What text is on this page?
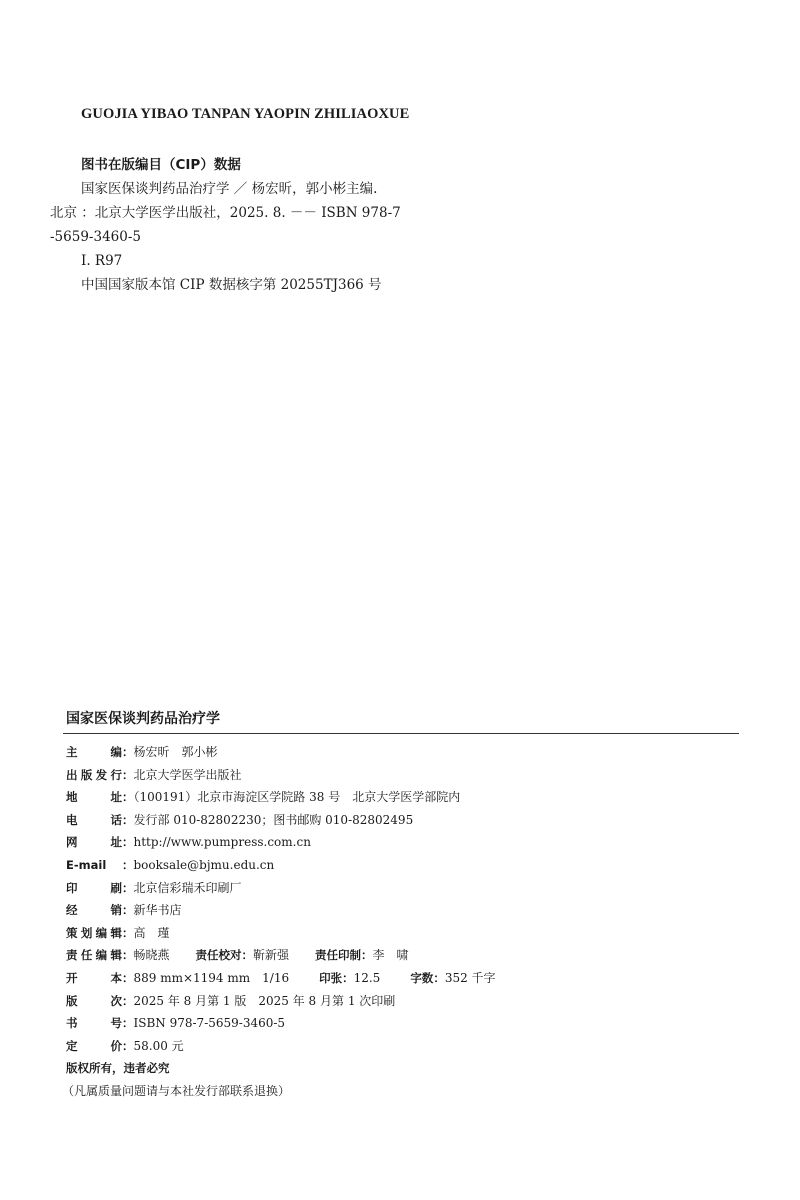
GUOJIA YIBAO TANPAN YAOPIN ZHILIAOXUE
图书在版编目（CIP）数据
国家医保谈判药品治疗学 ／ 杨宏昕，郭小彬主编.
北京 ：北京大学医学出版社，2025. 8. －－ ISBN 978-7
-5659-3460-5
Ⅰ. R97
中国国家版本馆 CIP 数据核字第 20255TJ366 号
国家医保谈判药品治疗学
主 编：杨宏昕　郭小彬
出版发行：北京大学医学出版社
地 址：（100191）北京市海淀区学院路 38 号　北京大学医学部院内
电 话：发行部 010-82802230；图书邮购 010-82802495
网 址：http://www.pumpress.com.cn
E-mail ：booksale@bjmu.edu.cn
印 刷：北京信彩瑞禾印刷厂
经 销：新华书店
策划编辑：高　瑾
责任编辑：畅晓燕 责任校对：靳新强 责任印制：李　啸
开 本：889 mm×1194 mm　1/16	印张：12.5	字数：352 千字
版 次：2025 年 8 月第 1 版　2025 年 8 月第 1 次印刷
书 号：ISBN 978-7-5659-3460-5
定 价：58.00 元
版权所有，违者必究
（凡属质量问题请与本社发行部联系退换）
